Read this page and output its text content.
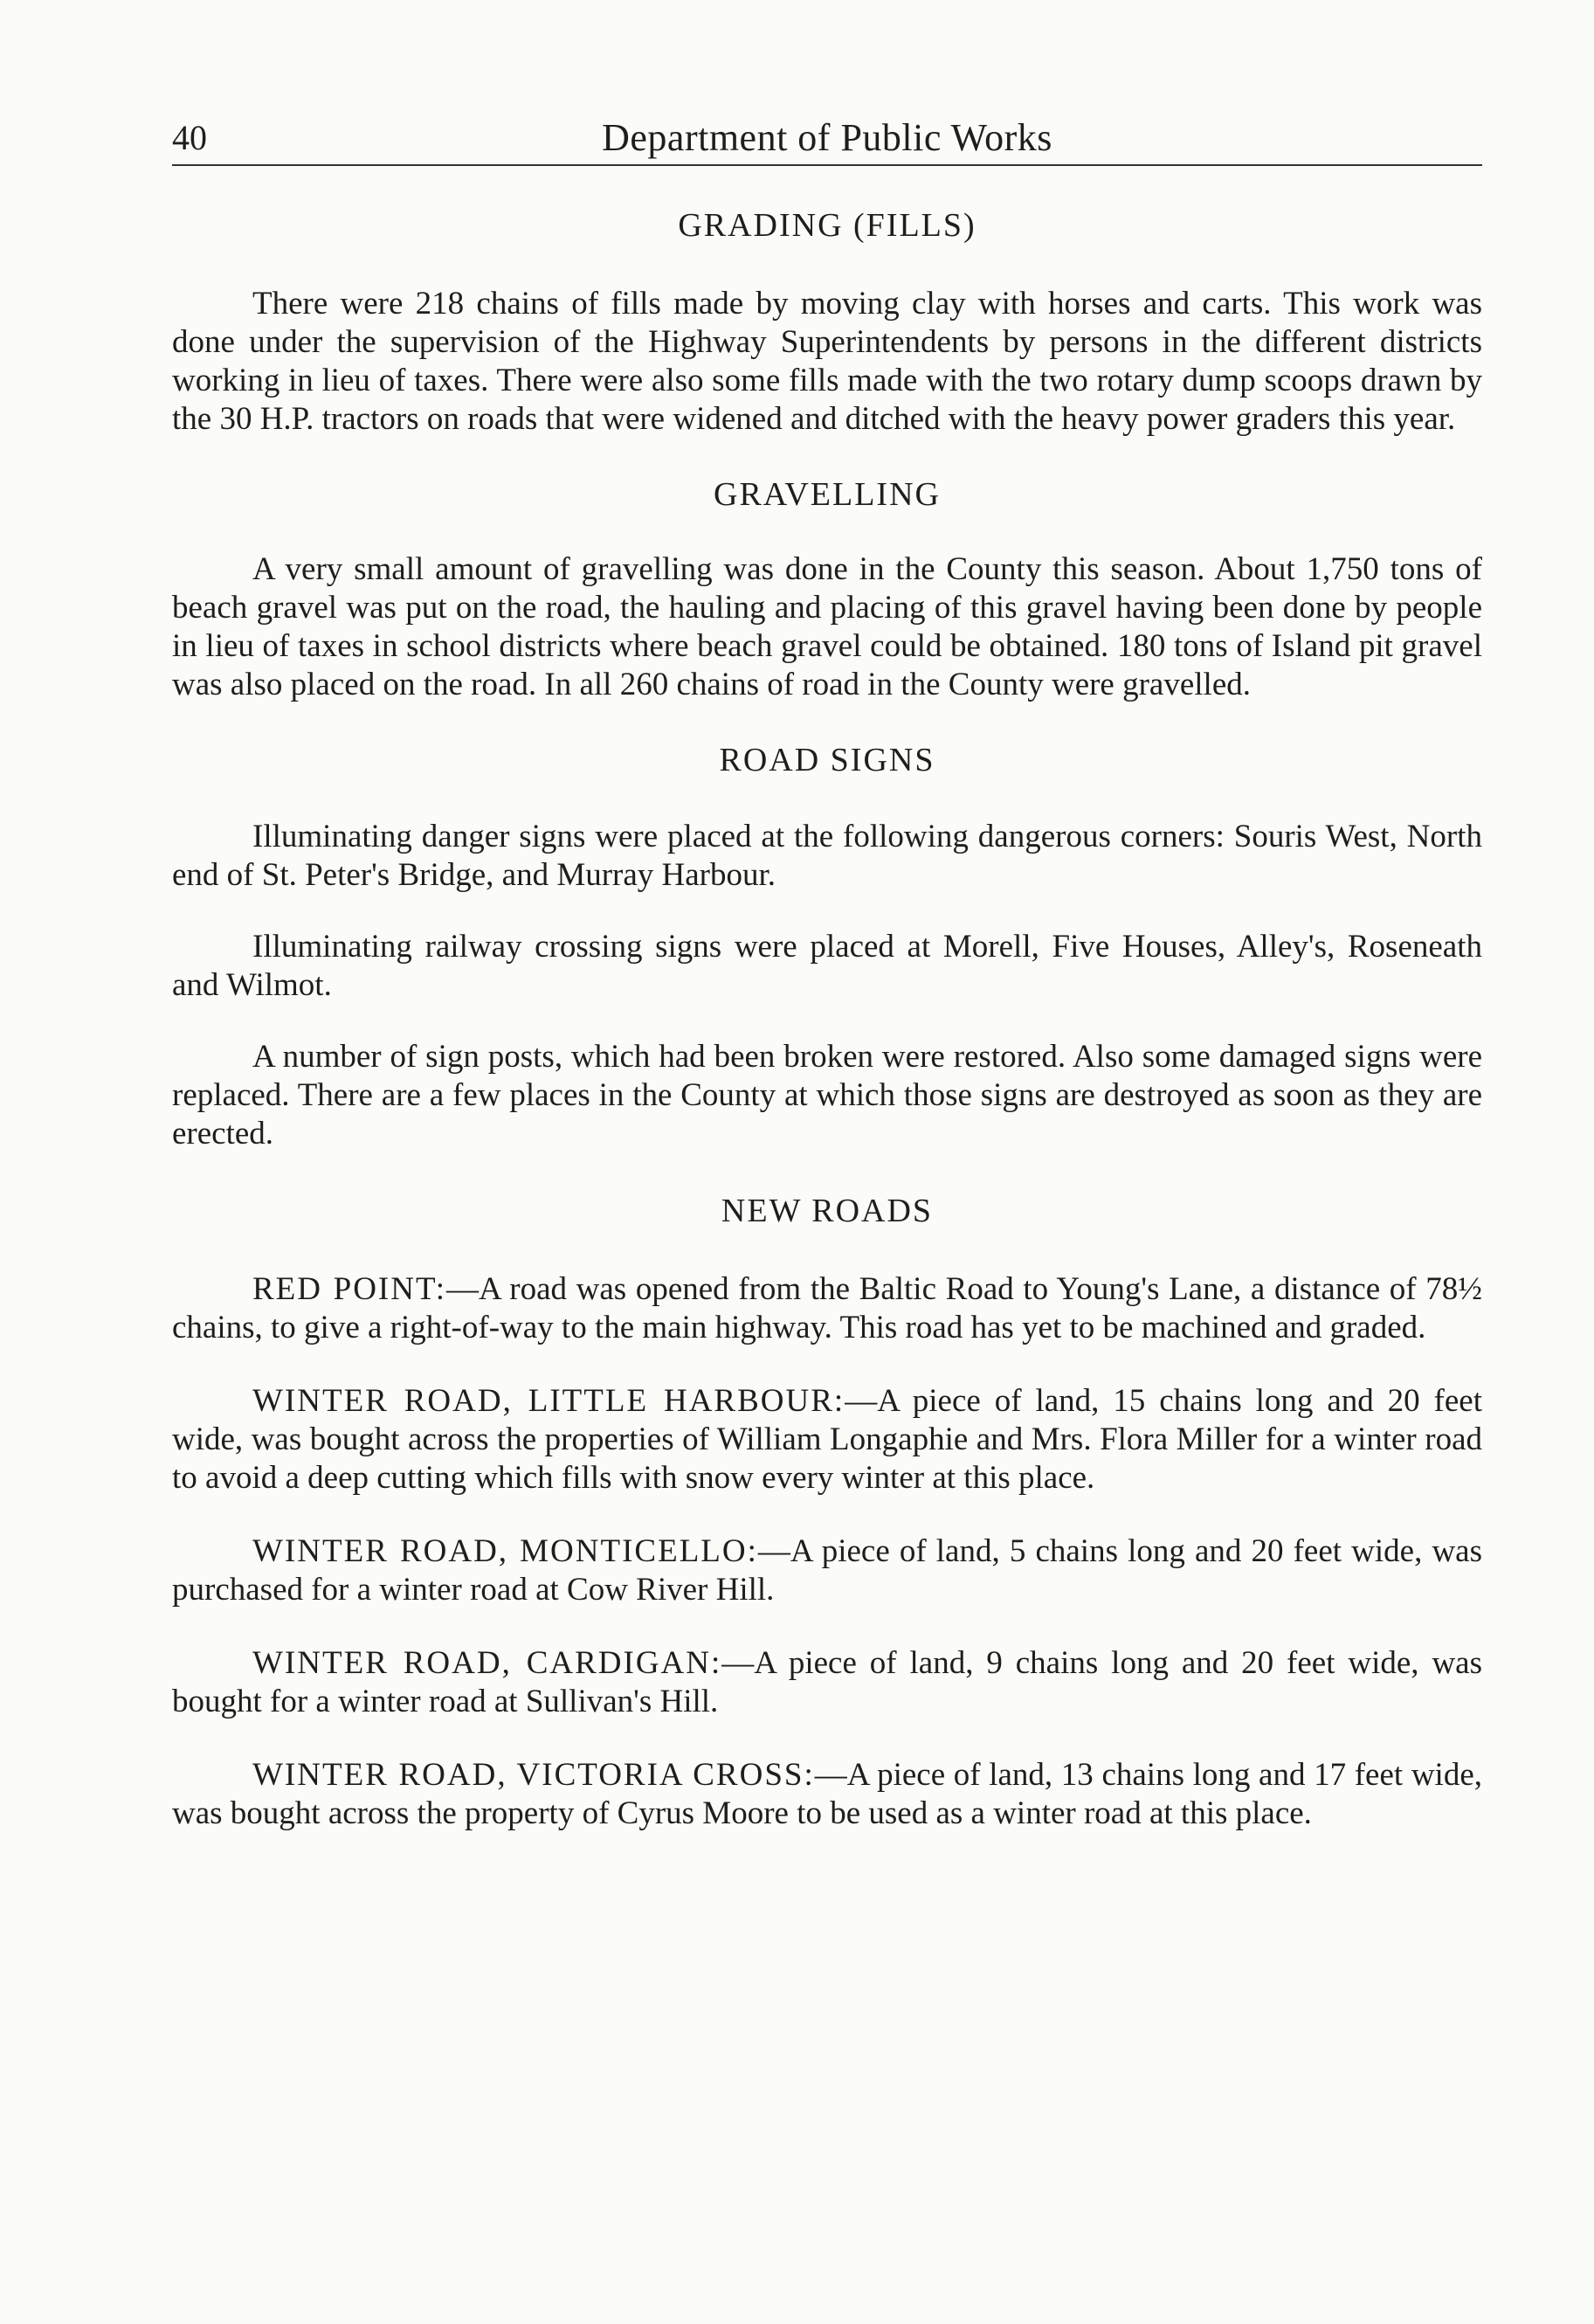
40	Department of Public Works
GRADING (FILLS)

There were 218 chains of fills made by moving clay with horses and carts. This work was done under the supervision of the Highway Superintendents by persons in the different districts working in lieu of taxes. There were also some fills made with the two rotary dump scoops drawn by the 30 H.P. tractors on roads that were widened and ditched with the heavy power graders this year.

GRAVELLING

A very small amount of gravelling was done in the County this season. About 1,750 tons of beach gravel was put on the road, the hauling and placing of this gravel having been done by people in lieu of taxes in school districts where beach gravel could be obtained. 180 tons of Island pit gravel was also placed on the road. In all 260 chains of road in the County were gravelled.

ROAD SIGNS

Illuminating danger signs were placed at the following dangerous corners: Souris West, North end of St. Peter's Bridge, and Murray Harbour.

Illuminating railway crossing signs were placed at Morell, Five Houses, Alley's, Roseneath and Wilmot.

A number of sign posts, which had been broken were restored. Also some damaged signs were replaced. There are a few places in the County at which those signs are destroyed as soon as they are erected.

NEW ROADS

RED POINT:—A road was opened from the Baltic Road to Young's Lane, a distance of 78½ chains, to give a right-of-way to the main highway. This road has yet to be machined and graded.

WINTER ROAD, LITTLE HARBOUR:—A piece of land, 15 chains long and 20 feet wide, was bought across the properties of William Longaphie and Mrs. Flora Miller for a winter road to avoid a deep cutting which fills with snow every winter at this place.

WINTER ROAD, MONTICELLO:—A piece of land, 5 chains long and 20 feet wide, was purchased for a winter road at Cow River Hill.

WINTER ROAD, CARDIGAN:—A piece of land, 9 chains long and 20 feet wide, was bought for a winter road at Sullivan's Hill.

WINTER ROAD, VICTORIA CROSS:—A piece of land, 13 chains long and 17 feet wide, was bought across the property of Cyrus Moore to be used as a winter road at this place.
